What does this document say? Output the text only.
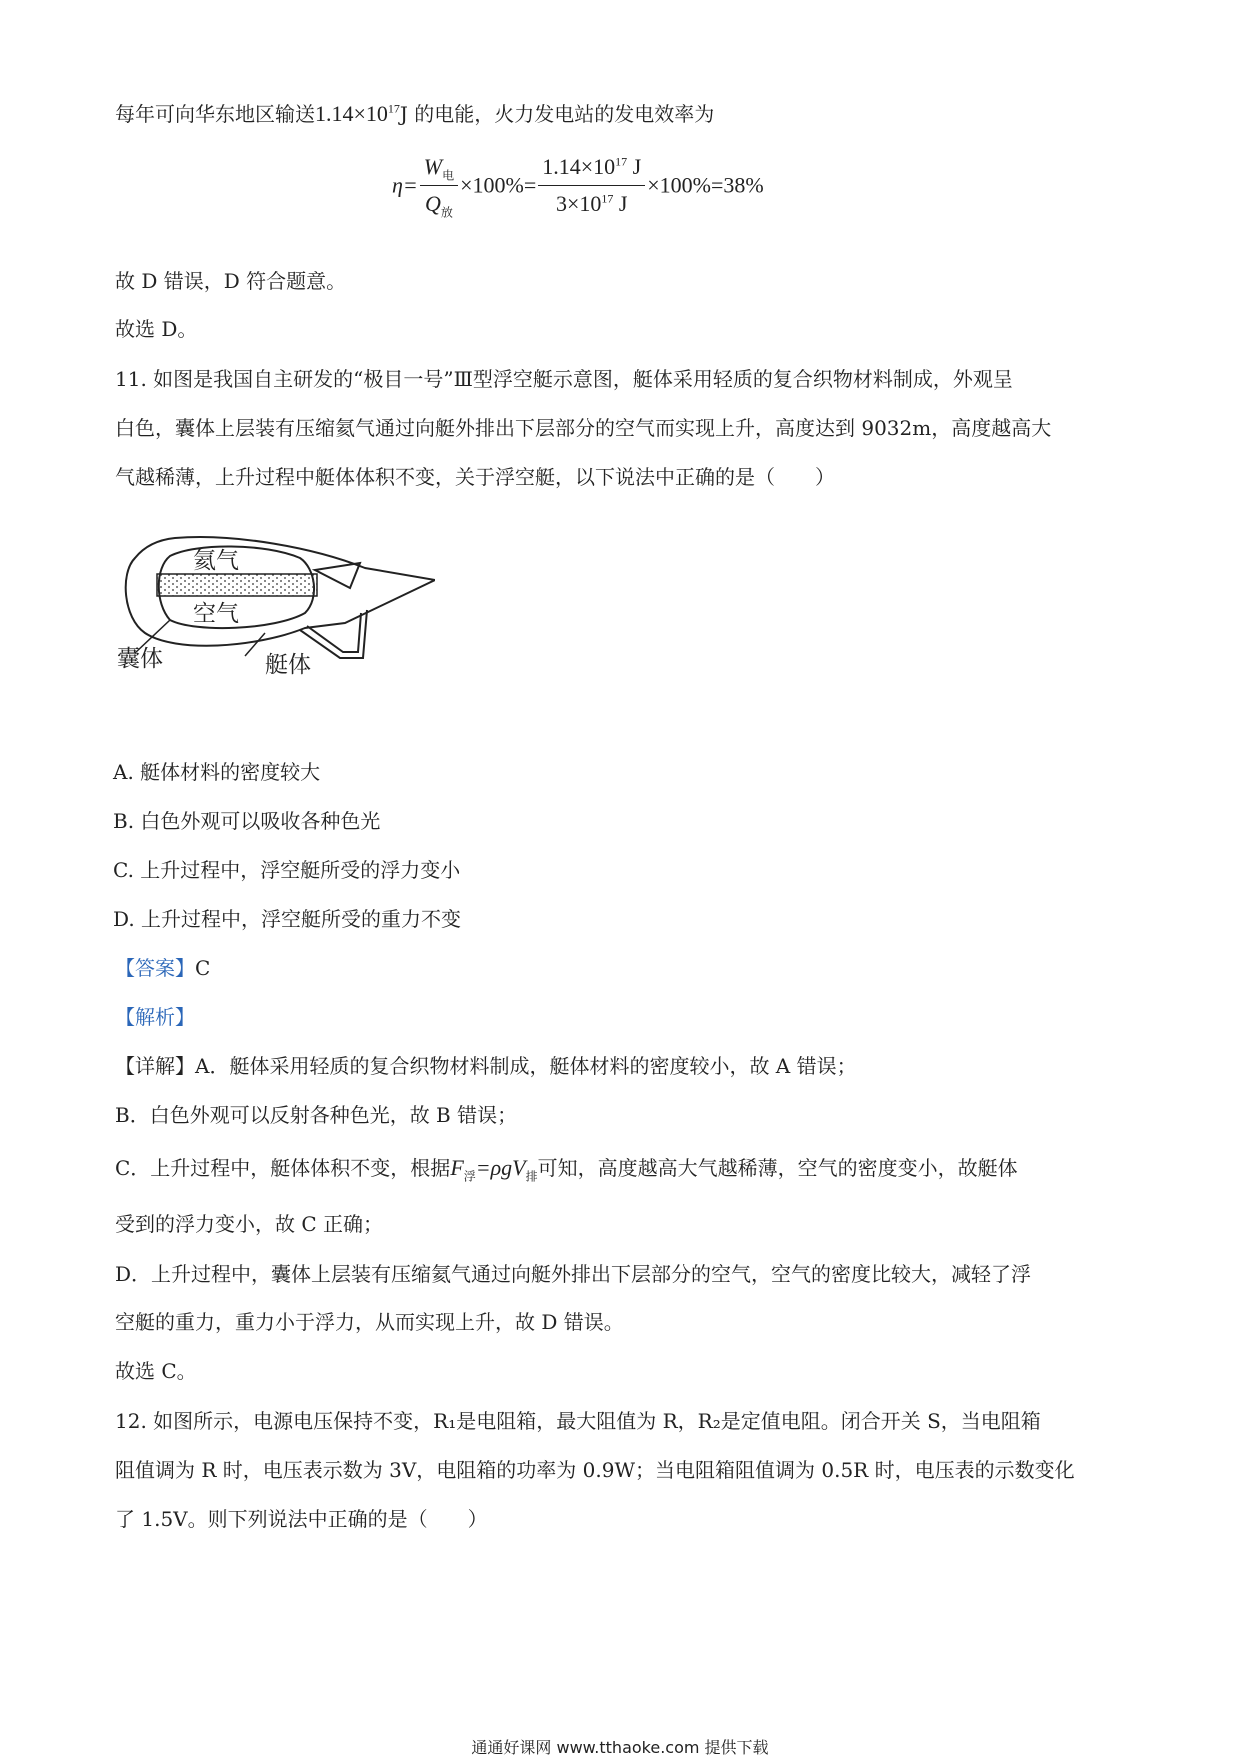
每年可向华东地区输送$1.14\times 10^{17}J$ 的电能，火力发电站的发电效率为
$\eta= \frac{W_电}{Q_放} \times 100\%= \frac{1.14\times 10^{17} J}{3\times 10^{17} J} \times 100\%=38\%$
故 D 错误，D 符合题意。
故选 D。
11. 如图是我国自主研发的“极目一号”Ⅲ型浮空艇示意图，艇体采用轻质的复合织物材料制成，外观呈
白色，囊体上层装有压缩氦气通过向艇外排出下层部分的空气而实现上升，高度达到 9032m，高度越高大
气越稀薄，上升过程中艇体体积不变，关于浮空艇，以下说法中正确的是（　　）
氦气
空气
囊体	艇体
A. 艇体材料的密度较大
B. 白色外观可以吸收各种色光
C. 上升过程中，浮空艇所受的浮力变小
D. 上升过程中，浮空艇所受的重力不变
【答案】C
【解析】
【详解】A．艇体采用轻质的复合织物材料制成，艇体材料的密度较小，故 A 错误；
B．白色外观可以反射各种色光，故 B 错误；
C．上升过程中，艇体体积不变，根据$F_浮=\rho gV_排$可知，高度越高大气越稀薄，空气的密度变小，故艇体
受到的浮力变小，故 C 正确；
D．上升过程中，囊体上层装有压缩氦气通过向艇外排出下层部分的空气，空气的密度比较大，减轻了浮
空艇的重力，重力小于浮力，从而实现上升，故 D 错误。
故选 C。
12. 如图所示，电源电压保持不变，R₁是电阻箱，最大阻值为 R，R₂是定值电阻。闭合开关 S，当电阻箱
阻值调为 R 时，电压表示数为 3V，电阻箱的功率为 0.9W；当电阻箱阻值调为 0.5R 时，电压表的示数变化
了 1.5V。则下列说法中正确的是（　　）
通通好课网 www.tthaoke.com 提供下载
